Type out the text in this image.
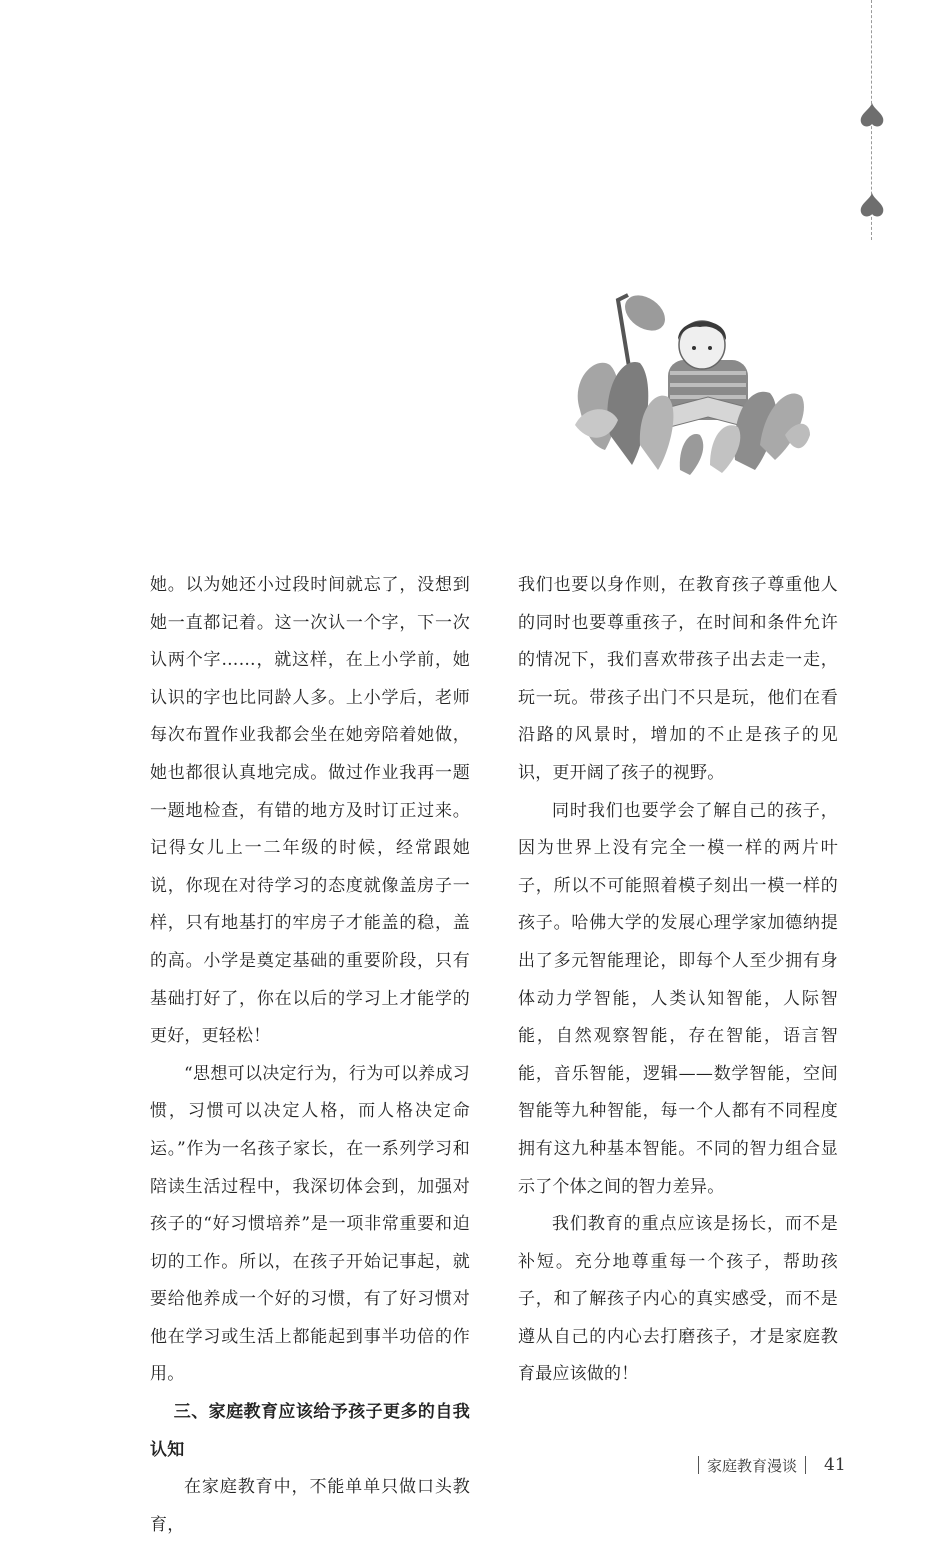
她。以为她还小过段时间就忘了，没想到她一直都记着。这一次认一个字，下一次认两个字……，就这样，在上小学前，她认识的字也比同龄人多。上小学后，老师每次布置作业我都会坐在她旁陪着她做，她也都很认真地完成。做过作业我再一题一题地检查，有错的地方及时订正过来。记得女儿上一二年级的时候，经常跟她说，你现在对待学习的态度就像盖房子一样，只有地基打的牢房子才能盖的稳，盖的高。小学是奠定基础的重要阶段，只有基础打好了，你在以后的学习上才能学的更好，更轻松！

“思想可以决定行为，行为可以养成习惯，习惯可以决定人格，而人格决定命运。”作为一名孩子家长，在一系列学习和陪读生活过程中，我深切体会到，加强对孩子的“好习惯培养”是一项非常重要和迫切的工作。所以，在孩子开始记事起，就要给他养成一个好的习惯，有了好习惯对他在学习或生活上都能起到事半功倍的作用。

三、家庭教育应该给予孩子更多的自我认知

在家庭教育中，不能单单只做口头教育，

我们也要以身作则，在教育孩子尊重他人的同时也要尊重孩子，在时间和条件允许的情况下，我们喜欢带孩子出去走一走，玩一玩。带孩子出门不只是玩，他们在看沿路的风景时，增加的不止是孩子的见识，更开阔了孩子的视野。

同时我们也要学会了解自己的孩子，因为世界上没有完全一模一样的两片叶子，所以不可能照着模子刻出一模一样的孩子。哈佛大学的发展心理学家加德纳提出了多元智能理论，即每个人至少拥有身体动力学智能，人类认知智能，人际智能，自然观察智能，存在智能，语言智能，音乐智能，逻辑——数学智能，空间智能等九种智能，每一个人都有不同程度拥有这九种基本智能。不同的智力组合显示了个体之间的智力差异。

我们教育的重点应该是扬长，而不是补短。充分地尊重每一个孩子，帮助孩子，和了解孩子内心的真实感受，而不是遵从自己的内心去打磨孩子，才是家庭教育最应该做的！

家庭教育漫谈 41
